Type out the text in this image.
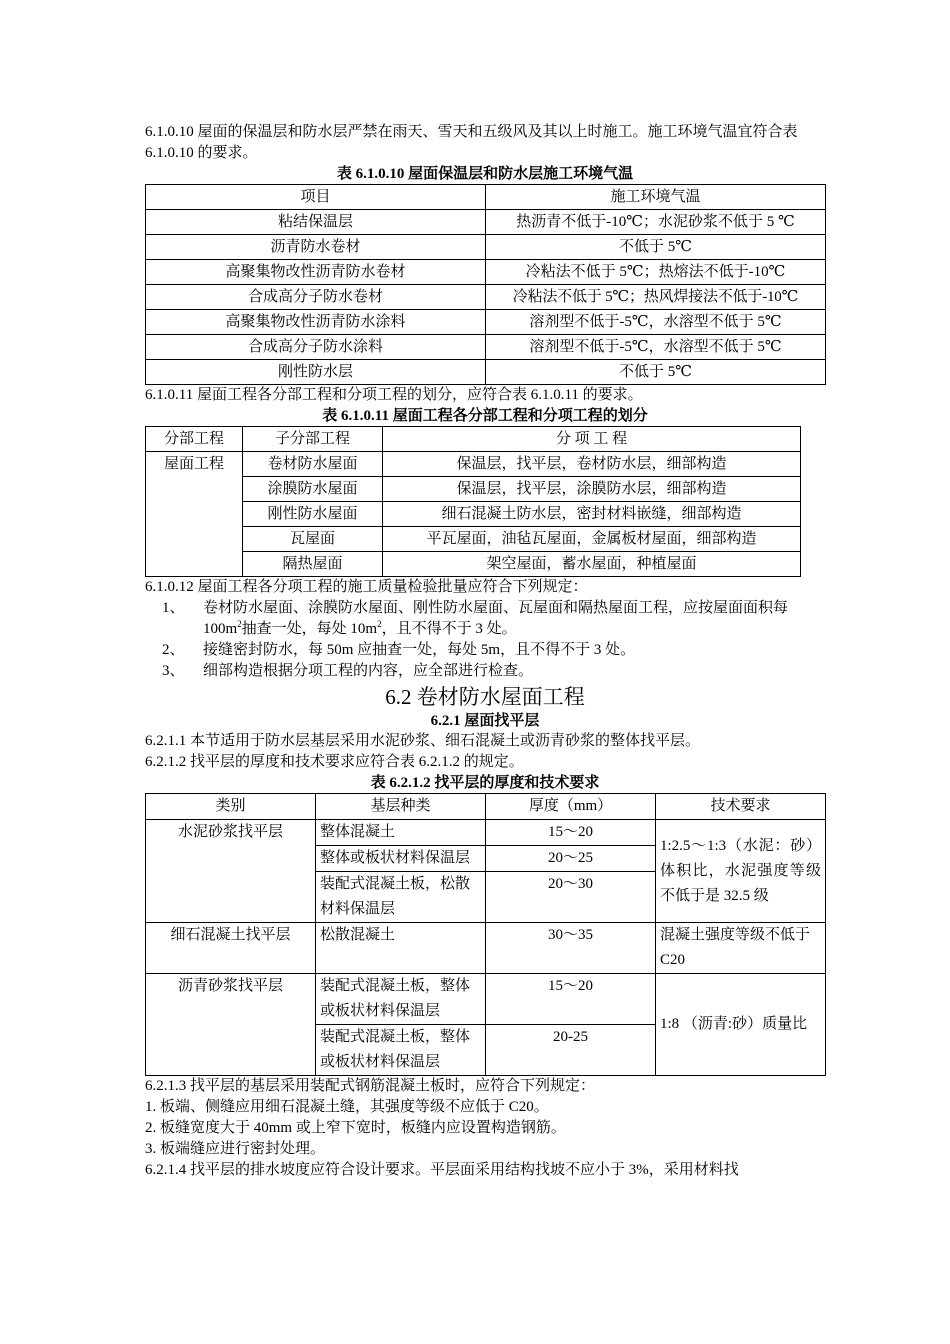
6.1.0.10 屋面的保温层和防水层严禁在雨天、雪天和五级风及其以上时施工。施工环境气温宜符合表 6.1.0.10 的要求。

表 6.1.0.10 屋面保温层和防水层施工环境气温

项目	施工环境气温
粘结保温层	热沥青不低于-10℃；水泥砂浆不低于 5 ℃
沥青防水卷材	不低于 5℃
高聚集物改性沥青防水卷材	冷粘法不低于 5℃；热熔法不低于-10℃
合成高分子防水卷材	冷粘法不低于 5℃；热风焊接法不低于-10℃
高聚集物改性沥青防水涂料	溶剂型不低于-5℃，水溶型不低于 5℃
合成高分子防水涂料	溶剂型不低于-5℃，水溶型不低于 5℃
刚性防水层	不低于 5℃

6.1.0.11 屋面工程各分部工程和分项工程的划分，应符合表 6.1.0.11 的要求。

表 6.1.0.11 屋面工程各分部工程和分项工程的划分

分部工程	子分部工程	分 项 工 程
屋面工程	卷材防水屋面	保温层，找平层，卷材防水层，细部构造
	涂膜防水屋面	保温层，找平层，涂膜防水层，细部构造
	刚性防水屋面	细石混凝土防水层，密封材料嵌缝，细部构造
	瓦屋面	平瓦屋面，油毡瓦屋面，金属板材屋面，细部构造
	隔热屋面	架空屋面，蓄水屋面，种植屋面

6.1.0.12 屋面工程各分项工程的施工质量检验批量应符合下列规定：

1、	卷材防水屋面、涂膜防水屋面、刚性防水屋面、瓦屋面和隔热屋面工程，应按屋面面积每 $100m^2$抽查一处，每处 $10m^2$，且不得不于 3 处。
2、	接缝密封防水，每 50m 应抽查一处，每处 5m，且不得不于 3 处。
3、	细部构造根据分项工程的内容，应全部进行检查。
6.2 卷材防水屋面工程
6.2.1 屋面找平层

6.2.1.1 本节适用于防水层基层采用水泥砂浆、细石混凝土或沥青砂浆的整体找平层。

6.2.1.2 找平层的厚度和技术要求应符合表 6.2.1.2 的规定。

表 6.2.1.2 找平层的厚度和技术要求

类别	基层种类	厚度（mm）	技术要求
水泥砂浆找平层	整体混凝土	15～20	1:2.5～1:3（水泥：砂）体积比，水泥强度等级不低于是 32.5 级
	整体或板状材料保温层	20～25	
	装配式混凝土板，松散材料保温层	20～30	
细石混凝土找平层	松散混凝土	30～35	混凝土强度等级不低于 C20
沥青砂浆找平层	装配式混凝土板，整体或板状材料保温层	15～20	1:8 （沥青:砂）质量比
	装配式混凝土板，整体或板状材料保温层	20-25	

6.2.1.3 找平层的基层采用装配式钢筋混凝土板时，应符合下列规定：

1. 板端、侧缝应用细石混凝土缝，其强度等级不应低于 C20。

2. 板缝宽度大于 40mm 或上窄下宽时，板缝内应设置构造钢筋。

3. 板端缝应进行密封处理。

6.2.1.4 找平层的排水坡度应符合设计要求。平层面采用结构找坡不应小于 3%，采用材料找
